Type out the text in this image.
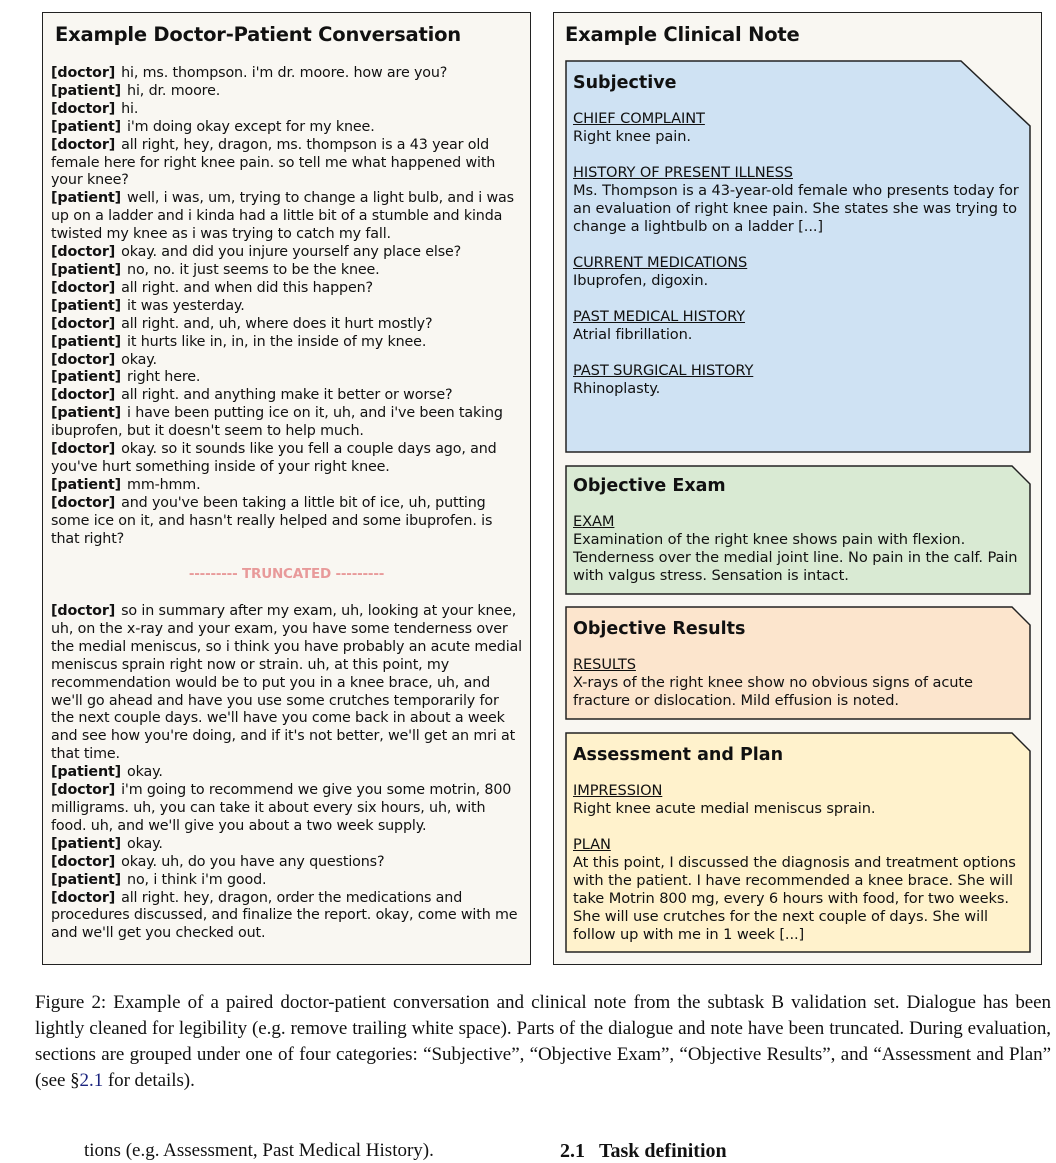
Example Doctor-Patient Conversation

[doctor] hi, ms. thompson. i'm dr. moore. how are you?

[patient] hi, dr. moore.

[doctor] hi.

[patient] i'm doing okay except for my knee.

[doctor] all right, hey, dragon, ms. thompson is a 43 year old female here for right knee pain. so tell me what happened with your knee?

[patient] well, i was, um, trying to change a light bulb, and i was up on a ladder and i kinda had a little bit of a stumble and kinda twisted my knee as i was trying to catch my fall.

[doctor] okay. and did you injure yourself any place else?

[patient] no, no. it just seems to be the knee.

[doctor] all right. and when did this happen?

[patient] it was yesterday.

[doctor] all right. and, uh, where does it hurt mostly?

[patient] it hurts like in, in, in the inside of my knee.

[doctor] okay.

[patient] right here.

[doctor] all right. and anything make it better or worse?

[patient] i have been putting ice on it, uh, and i've been taking ibuprofen, but it doesn't seem to help much.

[doctor] okay. so it sounds like you fell a couple days ago, and you've hurt something inside of your right knee.

[patient] mm-hmm.

[doctor] and you've been taking a little bit of ice, uh, putting some ice on it, and hasn't really helped and some ibuprofen. is that right?

--------- TRUNCATED ---------

[doctor] so in summary after my exam, uh, looking at your knee, uh, on the x-ray and your exam, you have some tenderness over the medial meniscus, so i think you have probably an acute medial meniscus sprain right now or strain. uh, at this point, my recommendation would be to put you in a knee brace, uh, and we'll go ahead and have you use some crutches temporarily for the next couple days. we'll have you come back in about a week and see how you're doing, and if it's not better, we'll get an mri at that time.

[patient] okay.

[doctor] i'm going to recommend we give you some motrin, 800 milligrams. uh, you can take it about every six hours, uh, with food. uh, and we'll give you about a two week supply.

[patient] okay.

[doctor] okay. uh, do you have any questions?

[patient] no, i think i'm good.

[doctor] all right. hey, dragon, order the medications and procedures discussed, and finalize the report. okay, come with me and we'll get you checked out.

Example Clinical Note
Subjective

CHIEF COMPLAINT

Right knee pain.

HISTORY OF PRESENT ILLNESS

Ms. Thompson is a 43-year-old female who presents today for an evaluation of right knee pain. She states she was trying to change a lightbulb on a ladder [...]

CURRENT MEDICATIONS

Ibuprofen, digoxin.

PAST MEDICAL HISTORY

Atrial fibrillation.

PAST SURGICAL HISTORY

Rhinoplasty.

Objective Exam

EXAM

Examination of the right knee shows pain with flexion. Tenderness over the medial joint line. No pain in the calf. Pain with valgus stress. Sensation is intact.

Objective Results

RESULTS

X-rays of the right knee show no obvious signs of acute fracture or dislocation. Mild effusion is noted.

Assessment and Plan

IMPRESSION

Right knee acute medial meniscus sprain.

PLAN

At this point, I discussed the diagnosis and treatment options with the patient. I have recommended a knee brace. She will take Motrin 800 mg, every 6 hours with food, for two weeks. She will use crutches for the next couple of days. She will follow up with me in 1 week [...]

Figure 2: Example of a paired doctor-patient conversation and clinical note from the subtask B validation set. Dialogue has been lightly cleaned for legibility (e.g. remove trailing white space). Parts of the dialogue and note have been truncated. During evaluation, sections are grouped under one of four categories: “Subjective”, “Objective Exam”, “Objective Results”, and “Assessment and Plan” (see §2.1 for details).

tions (e.g. Assessment, Past Medical History).	2.1 Task definition
